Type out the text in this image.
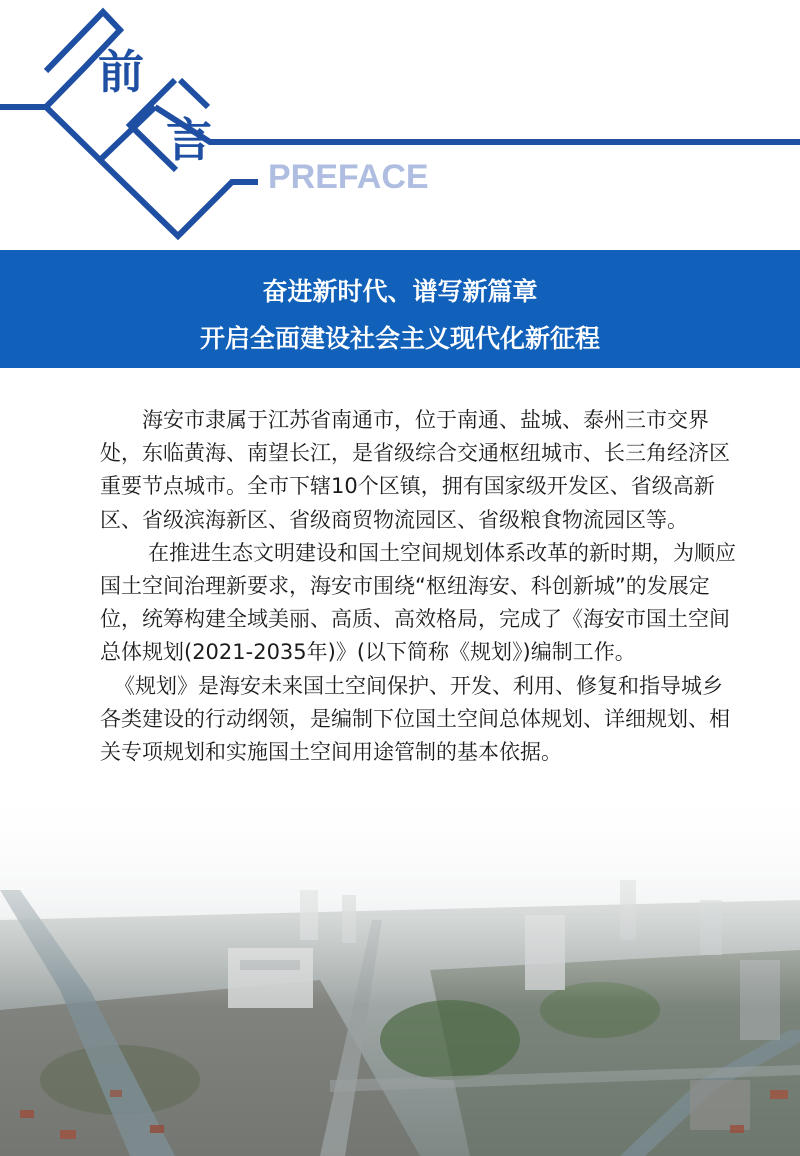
前
言
PREFACE
奋进新时代、谱写新篇章
开启全面建设社会主义现代化新征程

海安市隶属于江苏省南通市，位于南通、盐城、泰州三市交界处，东临黄海、南望长江，是省级综合交通枢纽城市、长三角经济区重要节点城市。全市下辖10个区镇，拥有国家级开发区、省级高新区、省级滨海新区、省级商贸物流园区、省级粮食物流园区等。

在推进生态文明建设和国土空间规划体系改革的新时期，为顺应国土空间治理新要求，海安市围绕“枢纽海安、科创新城”的发展定位，统筹构建全域美丽、高质、高效格局，完成了《海安市国土空间总体规划(2021-2035年)》(以下简称《规划》)编制工作。

《规划》是海安未来国土空间保护、开发、利用、修复和指导城乡各类建设的行动纲领，是编制下位国土空间总体规划、详细规划、相关专项规划和实施国土空间用途管制的基本依据。
